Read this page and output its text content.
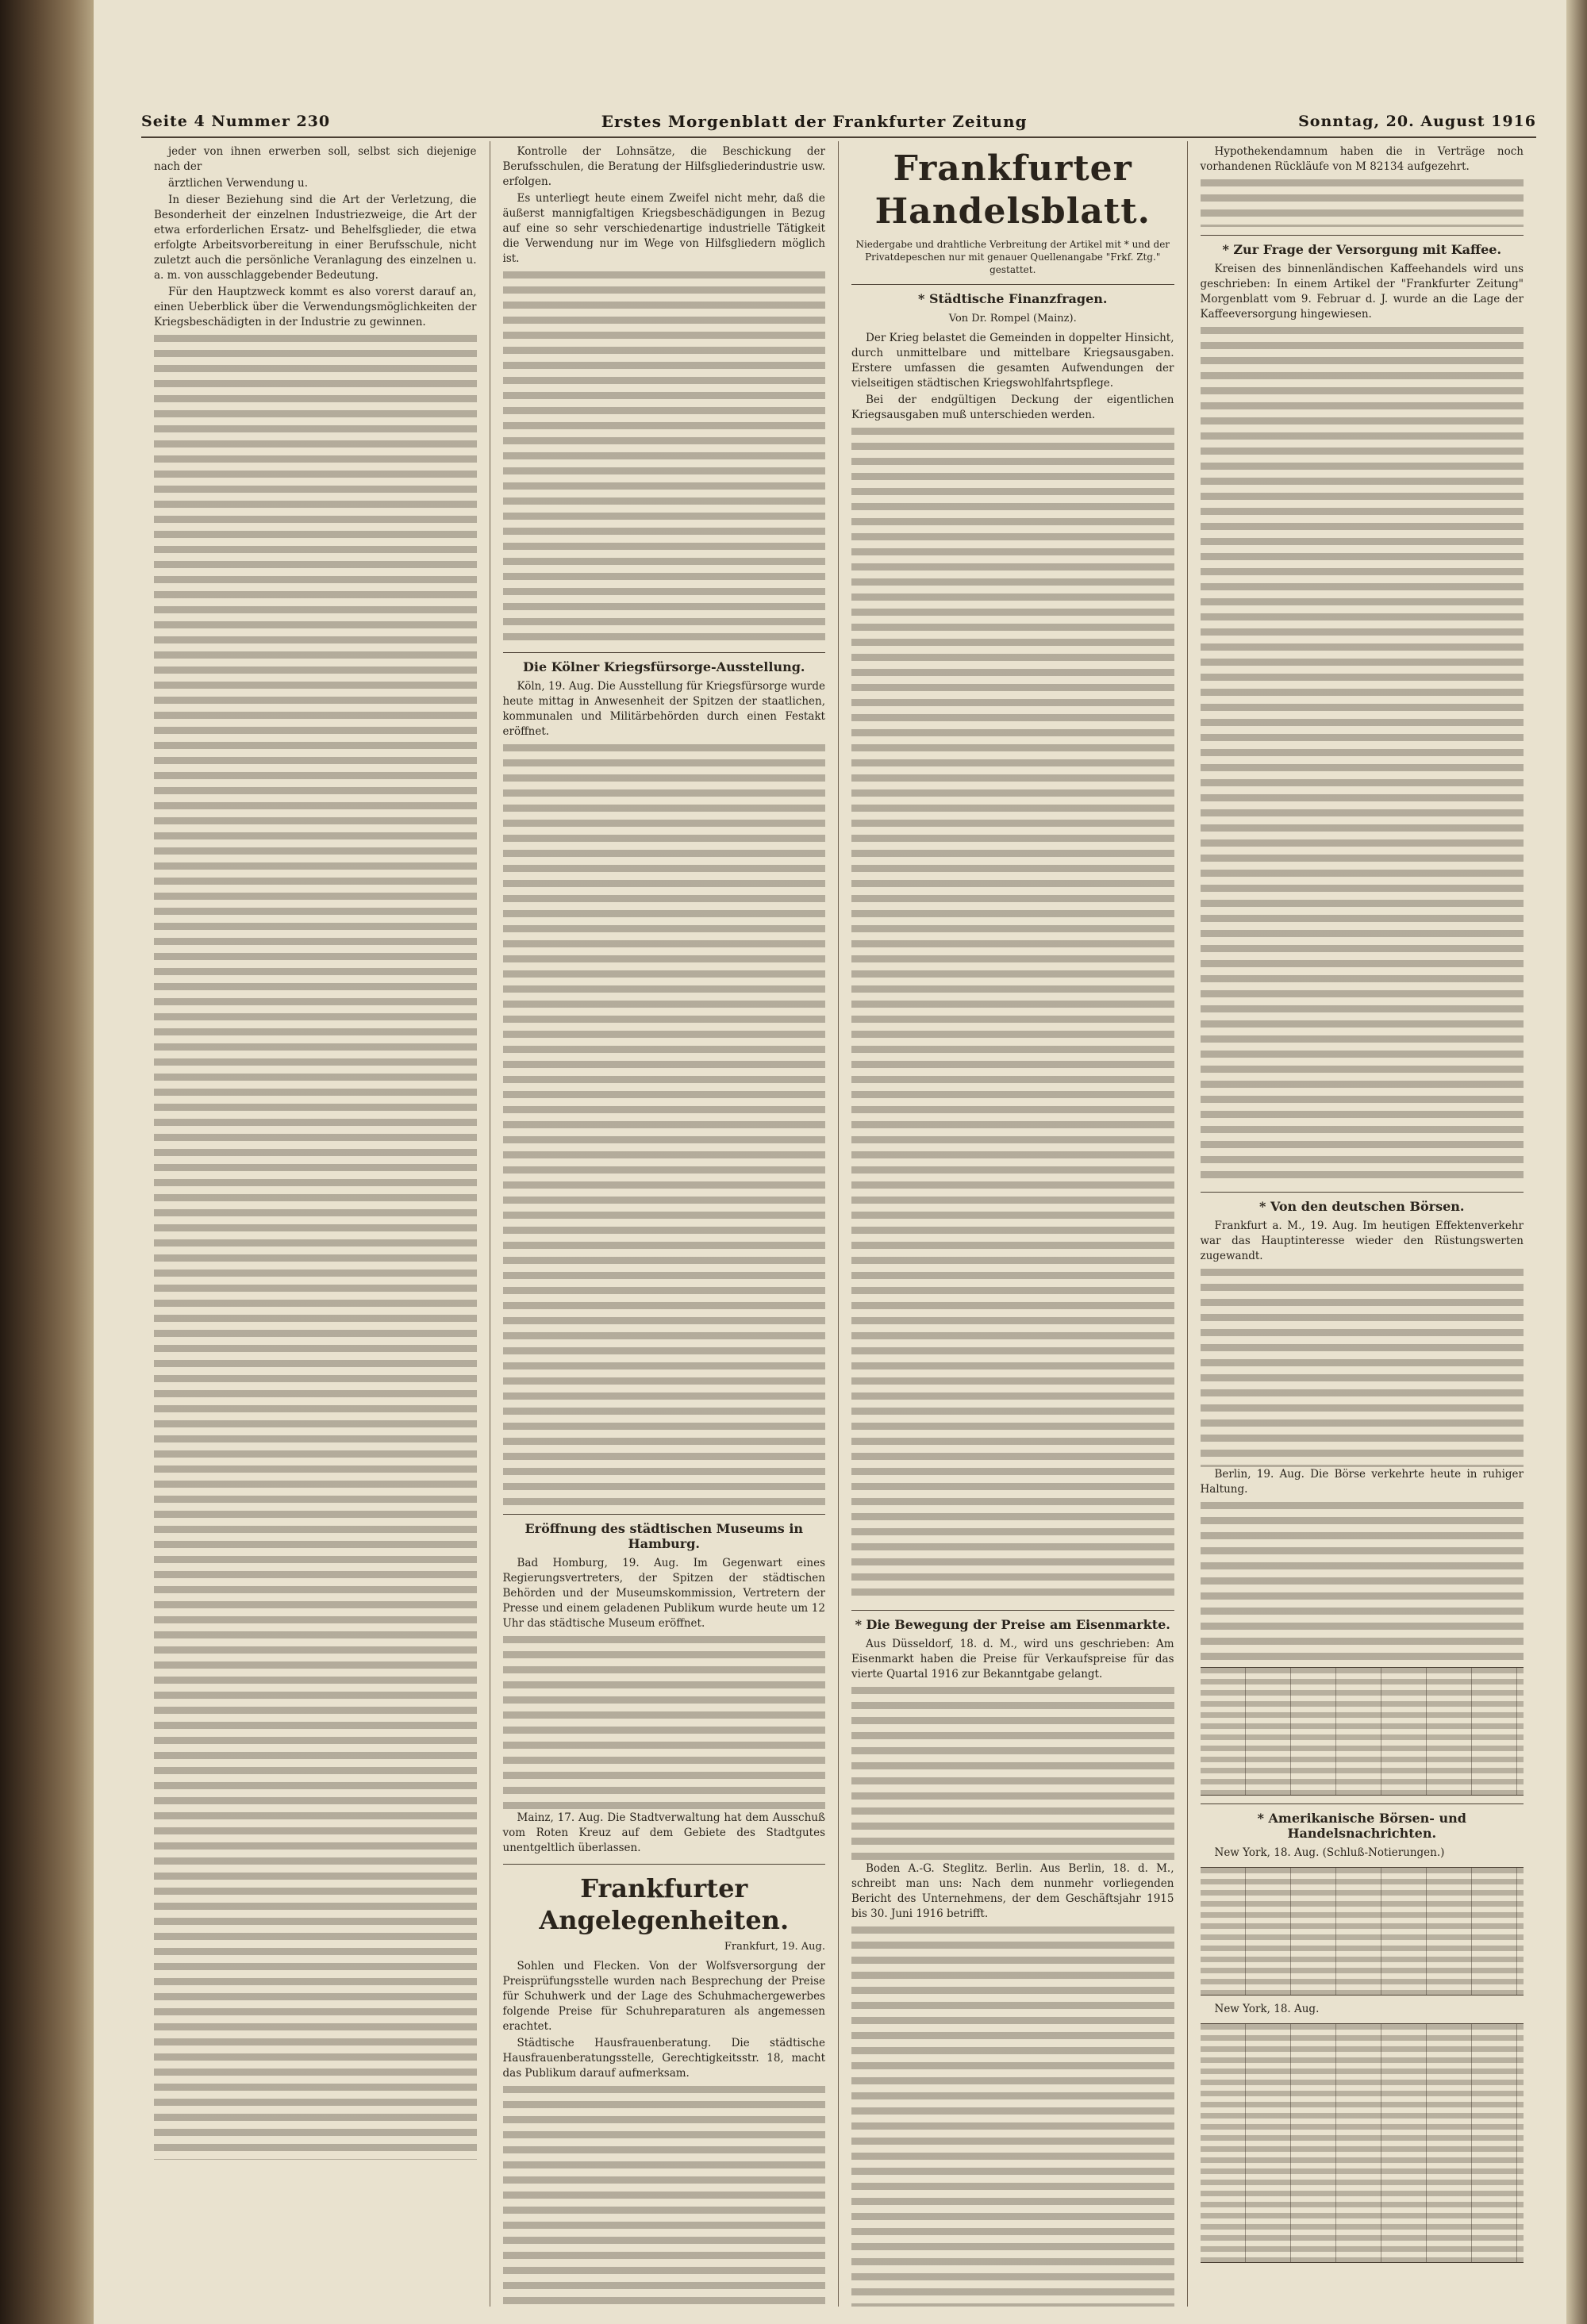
Seite 4 Nummer 230	Erstes Morgenblatt der Frankfurter Zeitung	Sonntag, 20. August 1916

jeder von ihnen erwerben soll, selbst sich diejenige nach der

ärztlichen Verwendung u.

In dieser Beziehung sind die Art der Verletzung, die Besonderheit der einzelnen Industriezweige, die Art der etwa erforderlichen Ersatz- und Behelfsglieder, die etwa erfolgte Arbeitsvorbereitung in einer Berufsschule, nicht zuletzt auch die persönliche Veranlagung des einzelnen u. a. m. von ausschlaggebender Bedeutung.

Für den Hauptzweck kommt es also vorerst darauf an, einen Ueberblick über die Verwendungsmöglichkeiten der Kriegsbeschädigten in der Industrie zu gewinnen.

Kontrolle der Lohnsätze, die Beschickung der Berufsschulen, die Beratung der Hilfsgliederindustrie usw. erfolgen.

Es unterliegt heute einem Zweifel nicht mehr, daß die äußerst mannigfaltigen Kriegsbeschädigungen in Bezug auf eine so sehr verschiedenartige industrielle Tätigkeit die Verwendung nur im Wege von Hilfsgliedern möglich ist.

Die Kölner Kriegsfürsorge-Ausstellung.

Köln, 19. Aug. Die Ausstellung für Kriegsfürsorge wurde heute mittag in Anwesenheit der Spitzen der staatlichen, kommunalen und Militärbehörden durch einen Festakt eröffnet.

Eröffnung des städtischen Museums in Hamburg.

Bad Homburg, 19. Aug. Im Gegenwart eines Regierungsvertreters, der Spitzen der städtischen Behörden und der Museumskommission, Vertretern der Presse und einem geladenen Publikum wurde heute um 12 Uhr das städtische Museum eröffnet.

Mainz, 17. Aug. Die Stadtverwaltung hat dem Ausschuß vom Roten Kreuz auf dem Gebiete des Stadtgutes unentgeltlich überlassen.

Frankfurter Angelegenheiten.
Frankfurt, 19. Aug.

Sohlen und Flecken. Von der Wolfsversorgung der Preisprüfungsstelle wurden nach Besprechung der Preise für Schuhwerk und der Lage des Schuhmachergewerbes folgende Preise für Schuhreparaturen als angemessen erachtet.

Städtische Hausfrauenberatung. Die städtische Hausfrauenberatungsstelle, Gerechtigkeitsstr. 18, macht das Publikum darauf aufmerksam.

Frankfurter Handelsblatt.
Niedergabe und drahtliche Verbreitung der Artikel mit * und der Privatdepeschen nur mit genauer Quellenangabe "Frkf. Ztg." gestattet.
* Städtische Finanzfragen.
Von Dr. Rompel (Mainz).

Der Krieg belastet die Gemeinden in doppelter Hinsicht, durch unmittelbare und mittelbare Kriegsausgaben. Erstere umfassen die gesamten Aufwendungen der vielseitigen städtischen Kriegswohlfahrtspflege.

Bei der endgültigen Deckung der eigentlichen Kriegsausgaben muß unterschieden werden.

* Die Bewegung der Preise am Eisenmarkte.

Aus Düsseldorf, 18. d. M., wird uns geschrieben: Am Eisenmarkt haben die Preise für Verkaufspreise für das vierte Quartal 1916 zur Bekanntgabe gelangt.

Boden A.-G. Steglitz. Berlin. Aus Berlin, 18. d. M., schreibt man uns: Nach dem nunmehr vorliegenden Bericht des Unternehmens, der dem Geschäftsjahr 1915 bis 30. Juni 1916 betrifft.

Hypothekendamnum haben die in Verträge noch vorhandenen Rückläufe von M 82134 aufgezehrt.

* Zur Frage der Versorgung mit Kaffee.

Kreisen des binnenländischen Kaffeehandels wird uns geschrieben: In einem Artikel der "Frankfurter Zeitung" Morgenblatt vom 9. Februar d. J. wurde an die Lage der Kaffeeversorgung hingewiesen.

* Von den deutschen Börsen.

Frankfurt a. M., 19. Aug. Im heutigen Effektenverkehr war das Hauptinteresse wieder den Rüstungswerten zugewandt.

Berlin, 19. Aug. Die Börse verkehrte heute in ruhiger Haltung.

* Amerikanische Börsen- und Handelsnachrichten.

New York, 18. Aug. (Schluß-Notierungen.)

New York, 18. Aug.
